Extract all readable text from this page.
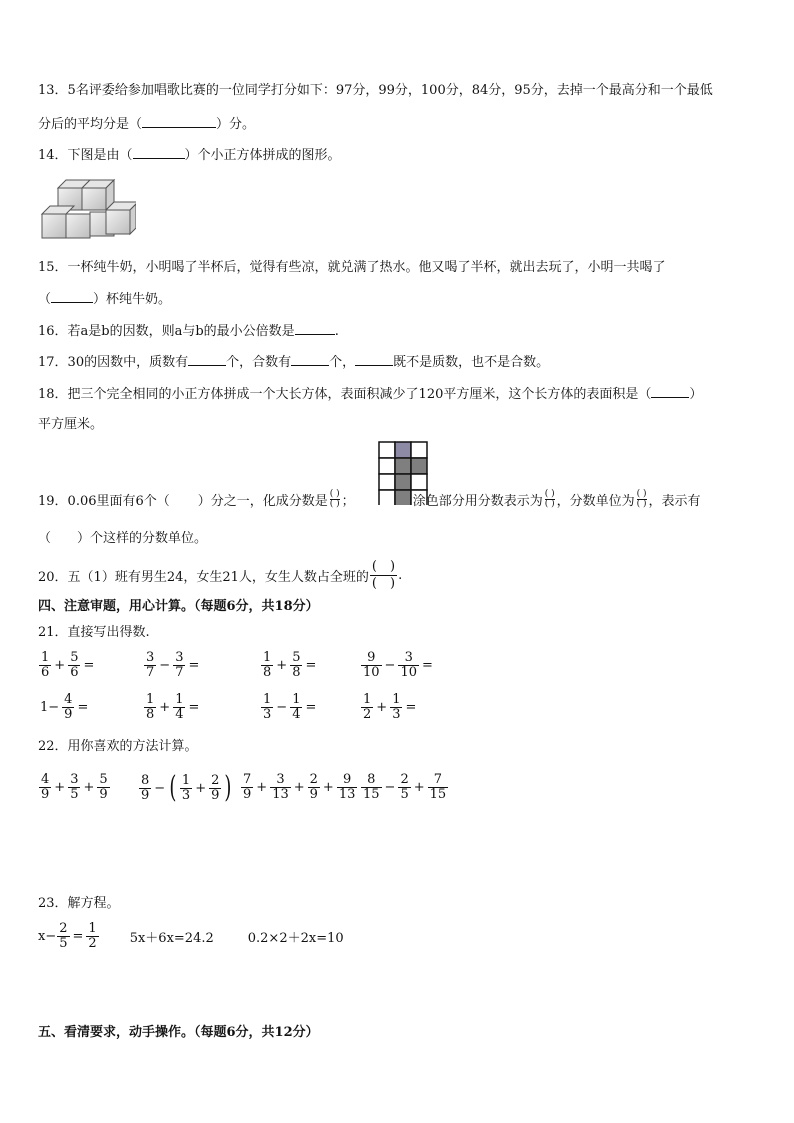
13．5名评委给参加唱歌比赛的一位同学打分如下：97分，99分，100分，84分，95分，去掉一个最高分和一个最低
分后的平均分是（	）分。
14．下图是由（	）个小正方体拼成的图形。
15．一杯纯牛奶，小明喝了半杯后，觉得有些凉，就兑满了热水。他又喝了半杯，就出去玩了，小明一共喝了
（	）杯纯牛奶。
16．若a是b的因数，则a与b的最小公倍数是	.
17．30的因数中，质数有	个，合数有	个，	既不是质数，也不是合数。
18．把三个完全相同的小正方体拼成一个大长方体，表面积减少了120平方厘米，这个长方体的表面积是（	）
平方厘米。
19．0.06里面有6个（ ）分之一，化成分数是 ( )
( ) ；	涂色部分用分数表示为 ( )
( ) ，分数单位为 ( )
( ) ，表示有
（　　）个这样的分数单位。
20．五（1）班有男生24，女生21人，女生人数占全班的 $\frac{( )}{( )}$ .
四、注意审题，用心计算。（每题6分，共18分）
21．直接写出得数.
$\frac{1}{6} + \frac{5}{6}$ =	$\frac{3}{7} - \frac{3}{7}$ =	$\frac{1}{8} + \frac{5}{8}$ =	$\frac{9}{10} - \frac{3}{10}$ =
$1- \frac{4}{9}$ =	$\frac{1}{8} + \frac{1}{4}$ =	$\frac{1}{3} - \frac{1}{4}$ =	$\frac{1}{2} + \frac{1}{3}$ =
22．用你喜欢的方法计算。
$\frac{4}{9} + \frac{3}{5} + \frac{5}{9} \frac{8}{9}$ − ( $\frac{1}{3} + \frac{2}{9}$ ) $\frac{7}{9} + \frac{3}{13} + \frac{2}{9} + \frac{9}{13} \frac{8}{15} - \frac{2}{5} + \frac{7}{15}$
23．解方程。
$x- \frac{2}{5} = \frac{1}{2} 5x+6x=24.2$	0.2×2＋2x=10
五、看清要求，动手操作。（每题6分，共12分）
